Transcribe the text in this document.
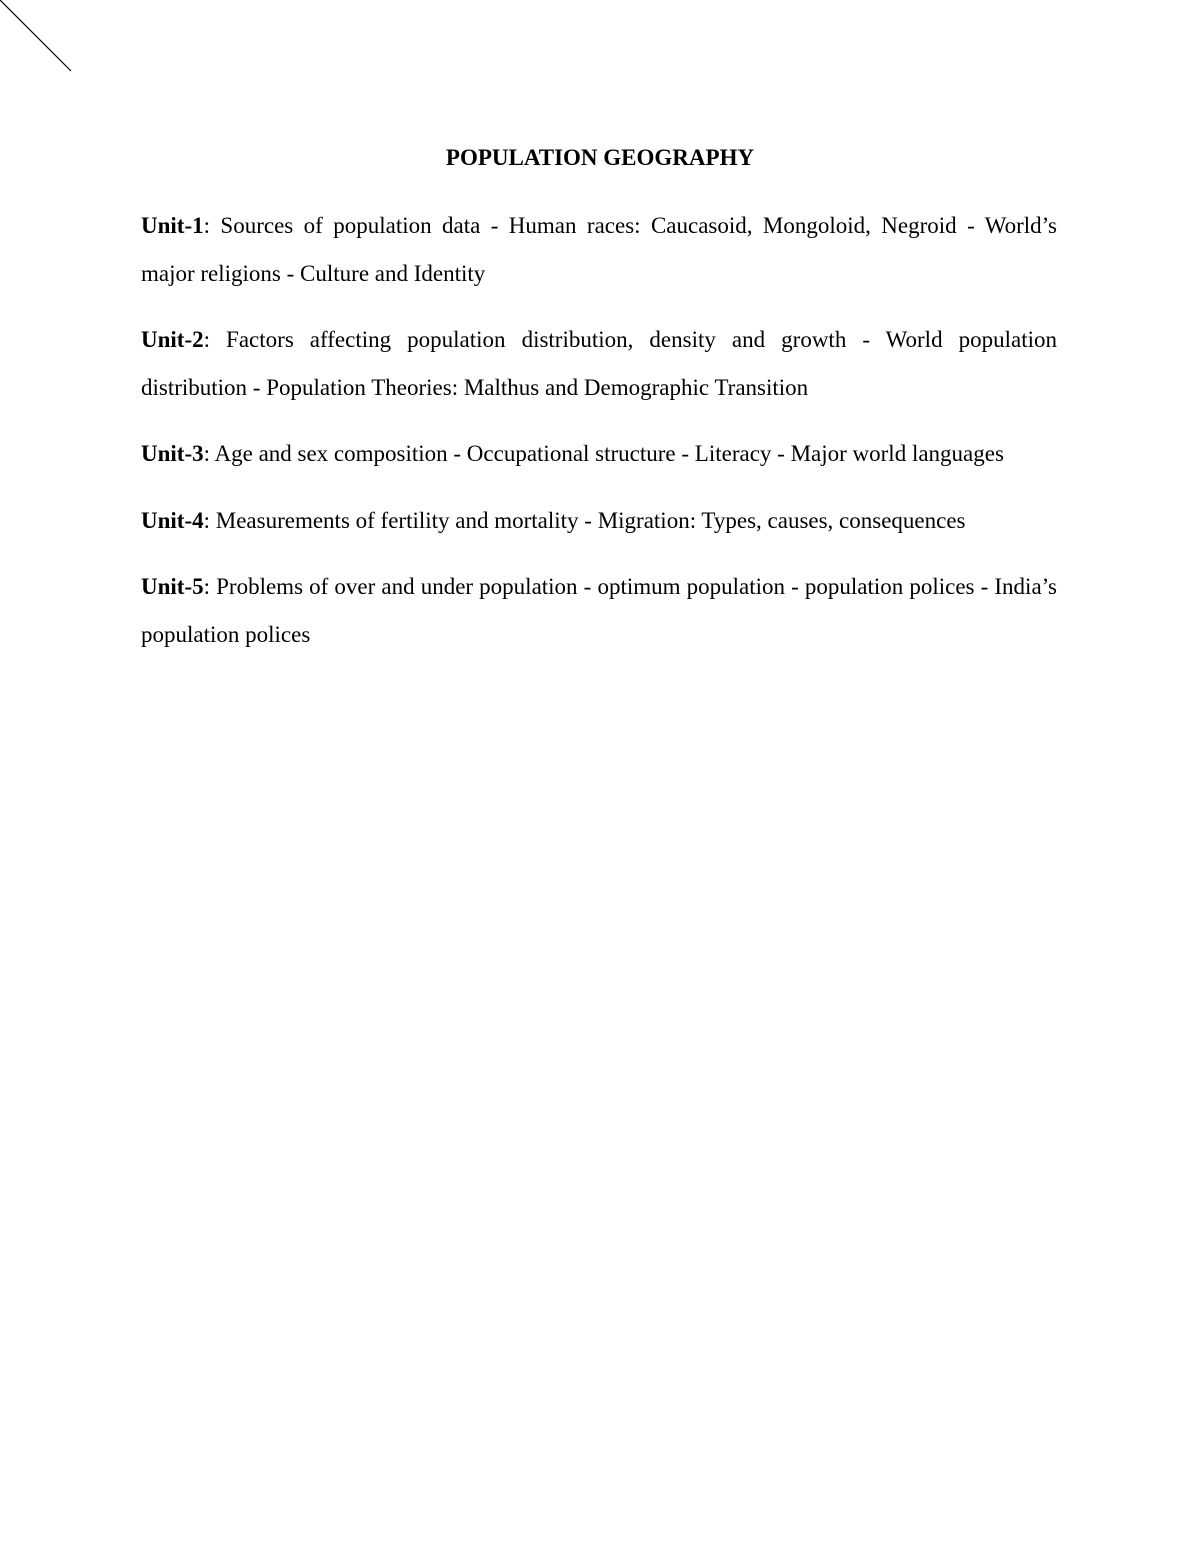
POPULATION GEOGRAPHY

Unit-1: Sources of population data - Human races: Caucasoid, Mongoloid, Negroid - World’s major religions - Culture and Identity

Unit-2: Factors affecting population distribution, density and growth - World population distribution - Population Theories: Malthus and Demographic Transition

Unit-3: Age and sex composition - Occupational structure - Literacy - Major world languages

Unit-4: Measurements of fertility and mortality - Migration: Types, causes, consequences

Unit-5: Problems of over and under population - optimum population - population polices - India’s population polices
